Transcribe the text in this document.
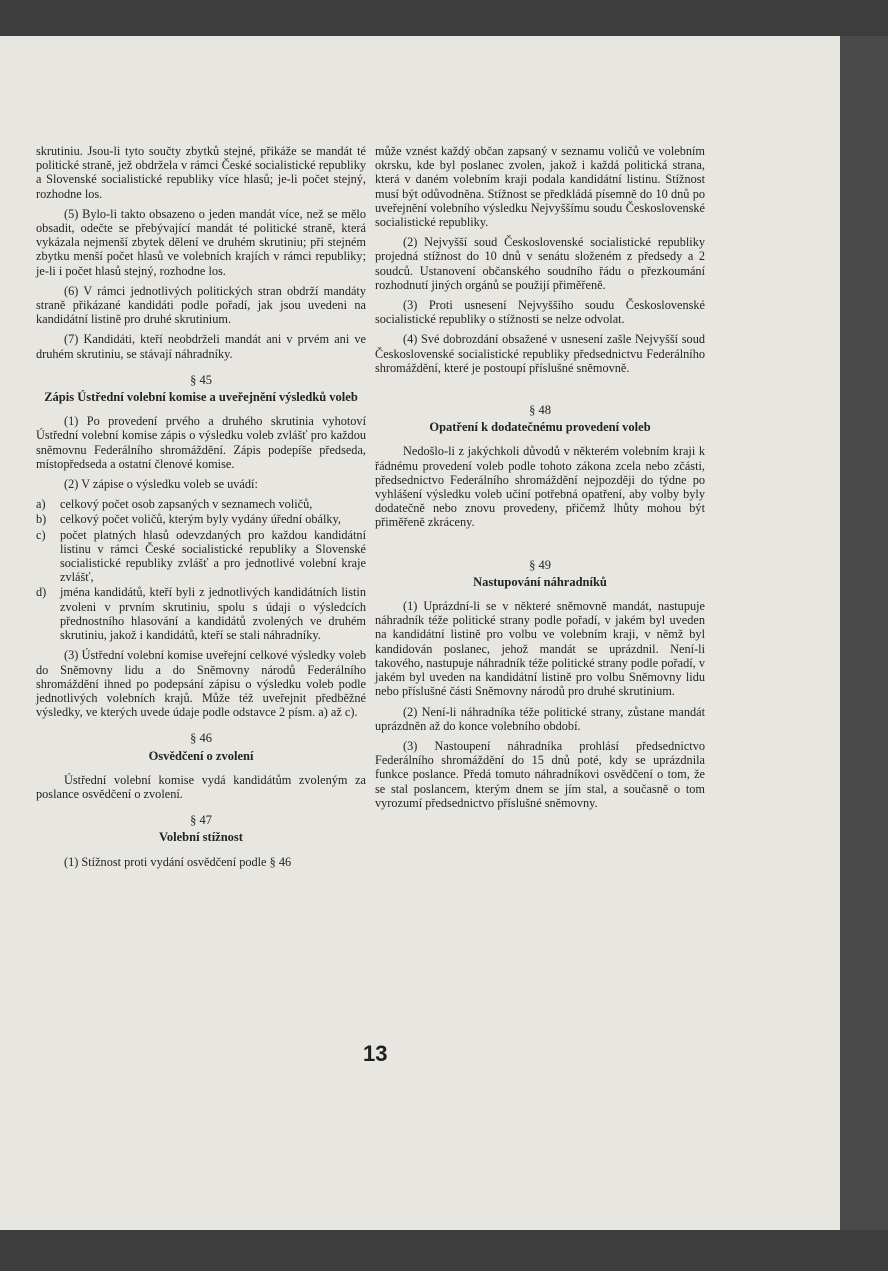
skrutiniu. Jsou-li tyto součty zbytků stejné, přikáže se mandát té politické straně, jež obdržela v rámci České socialistické republiky a Slovenské socialistické republiky více hlasů; je-li počet stejný, rozhodne los.

(5) Bylo-li takto obsazeno o jeden mandát více, než se mělo obsadit, odečte se přebývající mandát té politické straně, která vykázala nejmenší zbytek dělení ve druhém skrutiniu; při stejném zbytku menší počet hlasů ve volebních krajích v rámci republiky; je-li i počet hlasů stejný, rozhodne los.

(6) V rámci jednotlivých politických stran obdrží mandáty straně přikázané kandidáti podle pořadí, jak jsou uvedeni na kandidátní listině pro druhé skrutinium.

(7) Kandidáti, kteří neobdrželi mandát ani v prvém ani ve druhém skrutiniu, se stávají náhradníky.

§ 45
Zápis Ústřední volební komise a uveřejnění výsledků voleb

(1) Po provedení prvého a druhého skrutinia vyhotoví Ústřední volební komise zápis o výsledku voleb zvlášť pro každou sněmovnu Federálního shromáždění. Zápis podepíše předseda, místopředseda a ostatní členové komise.

(2) V zápise o výsledku voleb se uvádí:

a)	celkový počet osob zapsaných v seznamech voličů,
b)	celkový počet voličů, kterým byly vydány úřední obálky,
c)	počet platných hlasů odevzdaných pro každou kandidátní listinu v rámci České socialistické republiky a Slovenské socialistické republiky zvlášť a pro jednotlivé volební kraje zvlášť,
d)	jména kandidátů, kteří byli z jednotlivých kandidátních listin zvoleni v prvním skrutiniu, spolu s údaji o výsledcích přednostního hlasování a kandidátů zvolených ve druhém skrutiniu, jakož i kandidátů, kteří se stali náhradníky.

(3) Ústřední volební komise uveřejní celkové výsledky voleb do Sněmovny lidu a do Sněmovny národů Federálního shromáždění ihned po podepsání zápisu o výsledku voleb podle jednotlivých volebních krajů. Může též uveřejnit předběžné výsledky, ve kterých uvede údaje podle odstavce 2 písm. a) až c).

§ 46
Osvědčení o zvolení

Ústřední volební komise vydá kandidátům zvoleným za poslance osvědčení o zvolení.

§ 47
Volební stížnost

(1) Stížnost proti vydání osvědčení podle § 46

může vznést každý občan zapsaný v seznamu voličů ve volebním okrsku, kde byl poslanec zvolen, jakož i každá politická strana, která v daném volebním kraji podala kandidátní listinu. Stížnost musí být odůvodněna. Stížnost se předkládá písemně do 10 dnů po uveřejnění volebního výsledku Nejvyššímu soudu Československé socialistické republiky.

(2) Nejvyšší soud Československé socialistické republiky projedná stížnost do 10 dnů v senátu složeném z předsedy a 2 soudců. Ustanovení občanského soudního řádu o přezkoumání rozhodnutí jiných orgánů se použijí přiměřeně.

(3) Proti usnesení Nejvyššího soudu Československé socialistické republiky o stížnosti se nelze odvolat.

(4) Své dobrozdání obsažené v usnesení zašle Nejvyšší soud Československé socialistické republiky předsednictvu Federálního shromáždění, které je postoupí příslušné sněmovně.

§ 48
Opatření k dodatečnému provedení voleb

Nedošlo-li z jakýchkoli důvodů v některém volebním kraji k řádnému provedení voleb podle tohoto zákona zcela nebo zčásti, předsednictvo Federálního shromáždění nejpozději do týdne po vyhlášení výsledku voleb učiní potřebná opatření, aby volby byly dodatečně nebo znovu provedeny, přičemž lhůty mohou být přiměřeně zkráceny.

§ 49
Nastupování náhradníků

(1) Uprázdní-li se v některé sněmovně mandát, nastupuje náhradník téže politické strany podle pořadí, v jakém byl uveden na kandidátní listině pro volbu ve volebním kraji, v němž byl kandidován poslanec, jehož mandát se uprázdnil. Není-li takového, nastupuje náhradník téže politické strany podle pořadí, v jakém byl uveden na kandidátní listině pro volbu Sněmovny lidu nebo příslušné části Sněmovny národů pro druhé skrutinium.

(2) Není-li náhradníka téže politické strany, zůstane mandát uprázdněn až do konce volebního období.

(3) Nastoupení náhradníka prohlásí předsednictvo Federálního shromáždění do 15 dnů poté, kdy se uprázdnila funkce poslance. Předá tomuto náhradníkovi osvědčení o tom, že se stal poslancem, kterým dnem se jím stal, a současně o tom vyrozumí předsednictvo příslušné sněmovny.

13
